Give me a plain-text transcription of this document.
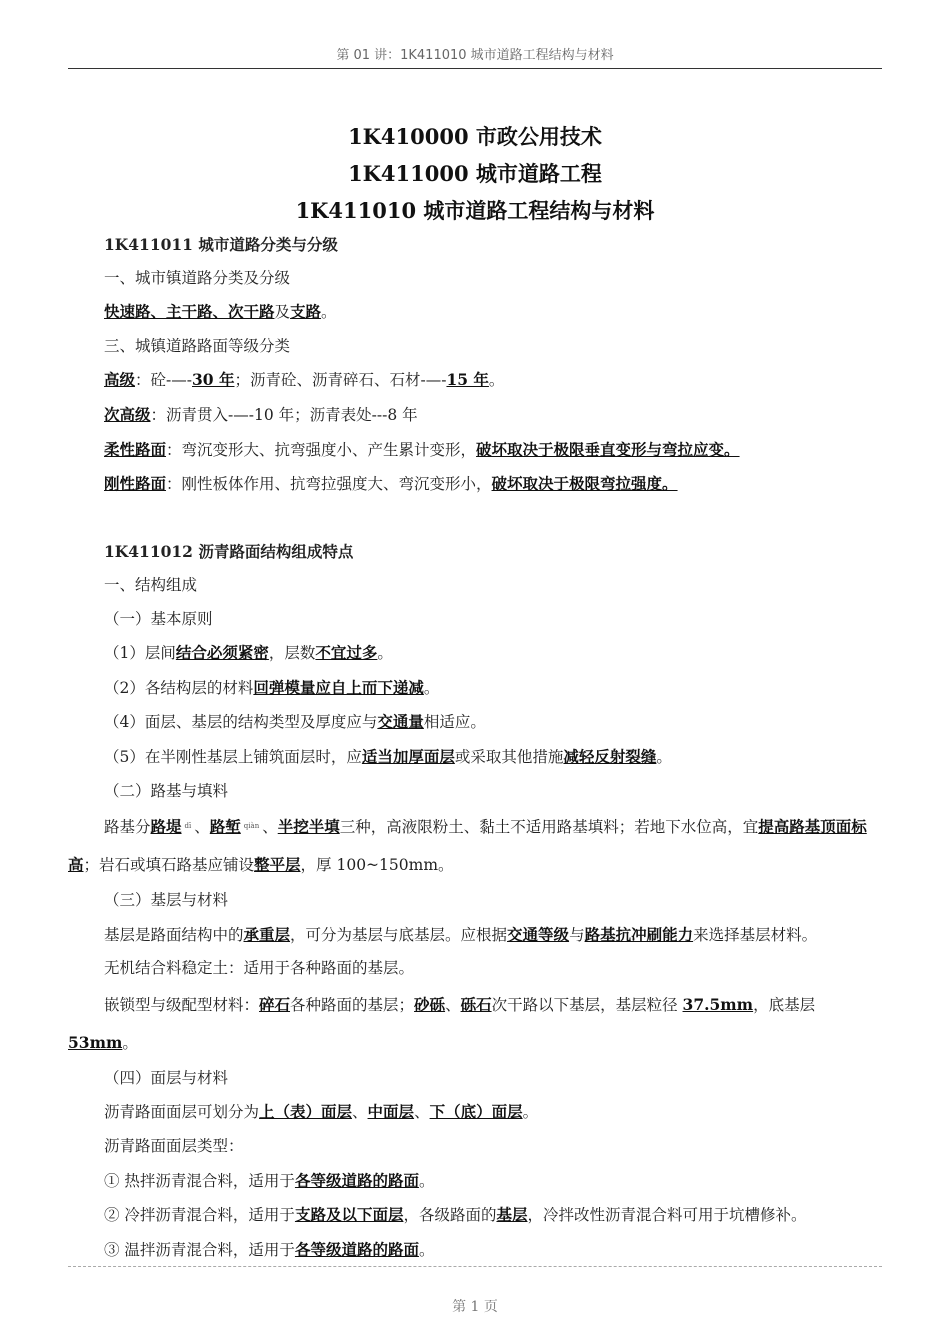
第 01 讲：1K411010 城市道路工程结构与材料
1K410000 市政公用技术
1K411000 城市道路工程
1K411010 城市道路工程结构与材料
1K411011 城市道路分类与分级
一、城市镇道路分类及分级
快速路、主干路、次干路及支路。
三、城镇道路路面等级分类
高级：砼-—-30 年；沥青砼、沥青碎石、石材-—-15 年。
次高级：沥青贯入-—-10 年；沥青表处---8 年
柔性路面：弯沉变形大、抗弯强度小、产生累计变形，破坏取决于极限垂直变形与弯拉应变。
刚性路面：刚性板体作用、抗弯拉强度大、弯沉变形小，破坏取决于极限弯拉强度。
1K411012 沥青路面结构组成特点
一、结构组成
（一）基本原则
（1）层间结合必须紧密，层数不宜过多。
（2）各结构层的材料回弹模量应自上而下递减。
（4）面层、基层的结构类型及厚度应与交通量相适应。
（5）在半刚性基层上铺筑面层时，应适当加厚面层或采取其他措施减轻反射裂缝。
（二）路基与填料
路基分路堤 $^{dī}$ 、路堑 $^{qiàn}$ 、半挖半填三种，高液限粉土、黏土不适用路基填料；若地下水位高，宜提高路基顶面标高；岩石或填石路基应铺设整平层，厚 100~150mm。
（三）基层与材料
基层是路面结构中的承重层，可分为基层与底基层。应根据交通等级与路基抗冲刷能力来选择基层材料。
无机结合料稳定土：适用于各种路面的基层。
嵌锁型与级配型材料：碎石各种路面的基层；砂砾、砾石次干路以下基层，基层粒径 37.5mm，底基层 53mm。
（四）面层与材料
沥青路面面层可划分为上（表）面层、中面层、下（底）面层。
沥青路面面层类型：
① 热拌沥青混合料，适用于各等级道路的路面。
② 冷拌沥青混合料，适用于支路及以下面层，各级路面的基层，冷拌改性沥青混合料可用于坑槽修补。
③ 温拌沥青混合料，适用于各等级道路的路面。
第 1 页
